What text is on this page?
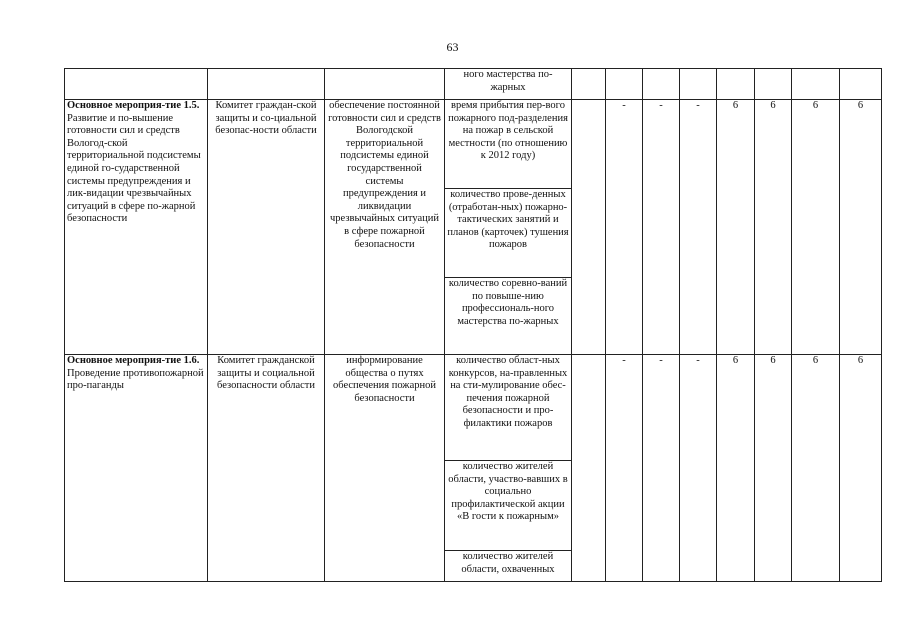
63
			ного мастерства по-жарных								
Основное мероприя-тие 1.5. Развитие и по-вышение готовности сил и средств Вологод-ской территориальной подсистемы единой го-сударственной системы предупреждения и лик-видации чрезвычайных ситуаций в сфере по-жарной безопасности	Комитет граждан-ской защиты и со-циальной безопас-ности области	обеспечение постоянной готовности сил и средств Вологодской территориальной подсистемы единой государственной системы предупреждения и ликвидации чрезвычайных ситуаций в сфере пожарной безопасности	время прибытия пер-вого пожарного под-разделения на пожар в сельской местности (по отношению к 2012 году)		-	-	-	6	6	6	6
			количество прове-денных (отработан-ных) пожарно-тактических занятий и планов (карточек) тушения пожаров								
			количество соревно-ваний по повыше-нию профессиональ-ного мастерства по-жарных								
Основное мероприя-тие 1.6. Проведение противопожарной про-паганды	Комитет гражданской защиты и социальной безопасности области	информирование общества о путях обеспечения пожарной безопасности	количество област-ных конкурсов, на-правленных на сти-мулирование обес-печения пожарной безопасности и про-филактики пожаров		-	-	-	6	6	6	6
			количество жителей области, участво-вавших в социально профилактической акции «В гости к пожарным»								
			количество жителей области, охваченных								
